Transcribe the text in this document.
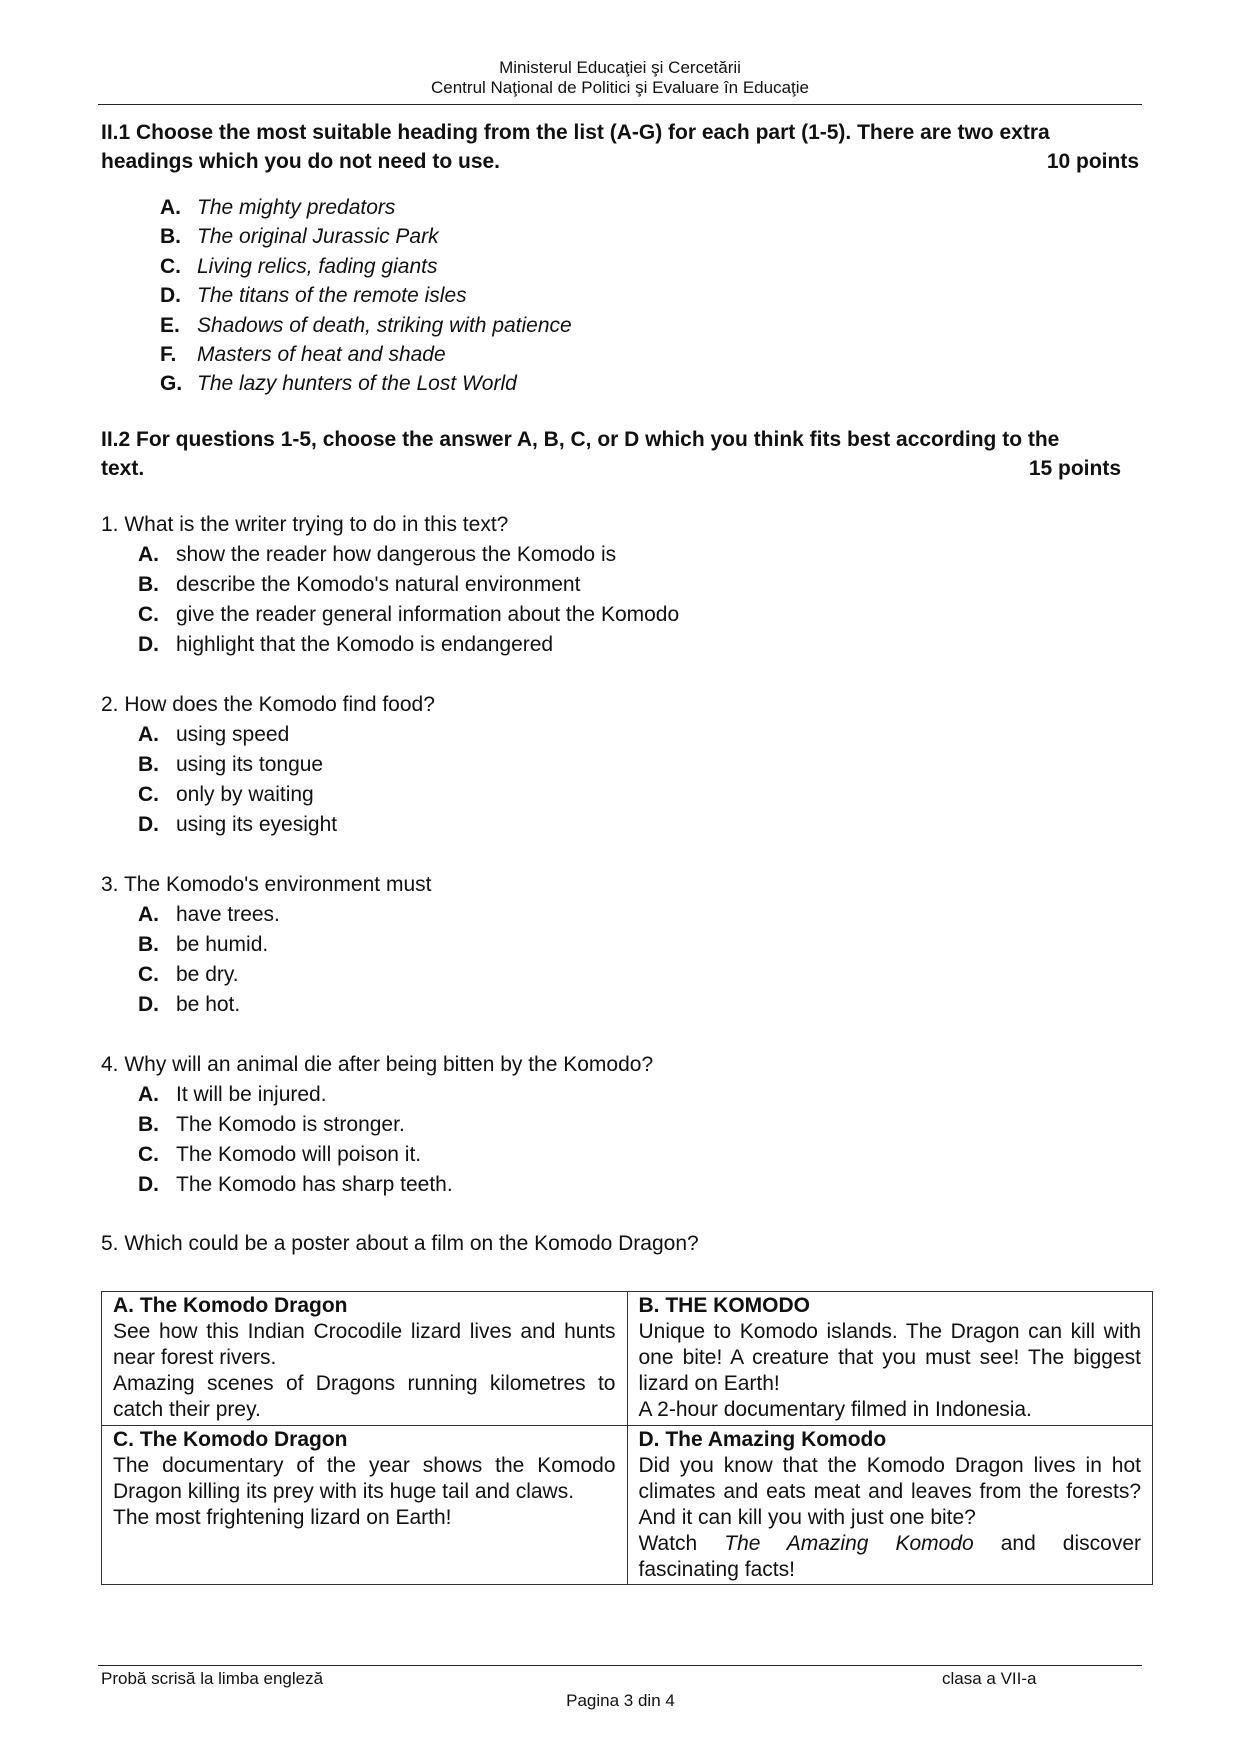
Ministerul Educaţiei şi Cercetării
Centrul Naţional de Politici şi Evaluare în Educaţie
II.1 Choose the most suitable heading from the list (A-G) for each part (1-5). There are two extra
headings which you do not need to use.	10 points
A. The mighty predators
B. The original Jurassic Park
C. Living relics, fading giants
D. The titans of the remote isles
E. Shadows of death, striking with patience
F. Masters of heat and shade
G. The lazy hunters of the Lost World
II.2 For questions 1-5, choose the answer A, B, C, or D which you think fits best according to the
text.	15 points
1. What is the writer trying to do in this text?
A. show the reader how dangerous the Komodo is
B. describe the Komodo's natural environment
C. give the reader general information about the Komodo
D. highlight that the Komodo is endangered
2. How does the Komodo find food?
A. using speed
B. using its tongue
C. only by waiting
D. using its eyesight
3. The Komodo's environment must
A. have trees.
B. be humid.
C. be dry.
D. be hot.
4. Why will an animal die after being bitten by the Komodo?
A. It will be injured.
B. The Komodo is stronger.
C. The Komodo will poison it.
D. The Komodo has sharp teeth.
5. Which could be a poster about a film on the Komodo Dragon?
A. The Komodo Dragon
See how this Indian Crocodile lizard lives and hunts near forest rivers.
Amazing scenes of Dragons running kilometres to catch their prey.

B. THE KOMODO
Unique to Komodo islands. The Dragon can kill with one bite! A creature that you must see! The biggest lizard on Earth!
A 2-hour documentary filmed in Indonesia.

C. The Komodo Dragon
The documentary of the year shows the Komodo Dragon killing its prey with its huge tail and claws.
The most frightening lizard on Earth!

D. The Amazing Komodo
Did you know that the Komodo Dragon lives in hot climates and eats meat and leaves from the forests? And it can kill you with just one bite?
Watch The Amazing Komodo and discover fascinating facts!
Probă scrisă la limba engleză	clasa a VII-a
Pagina 3 din 4
